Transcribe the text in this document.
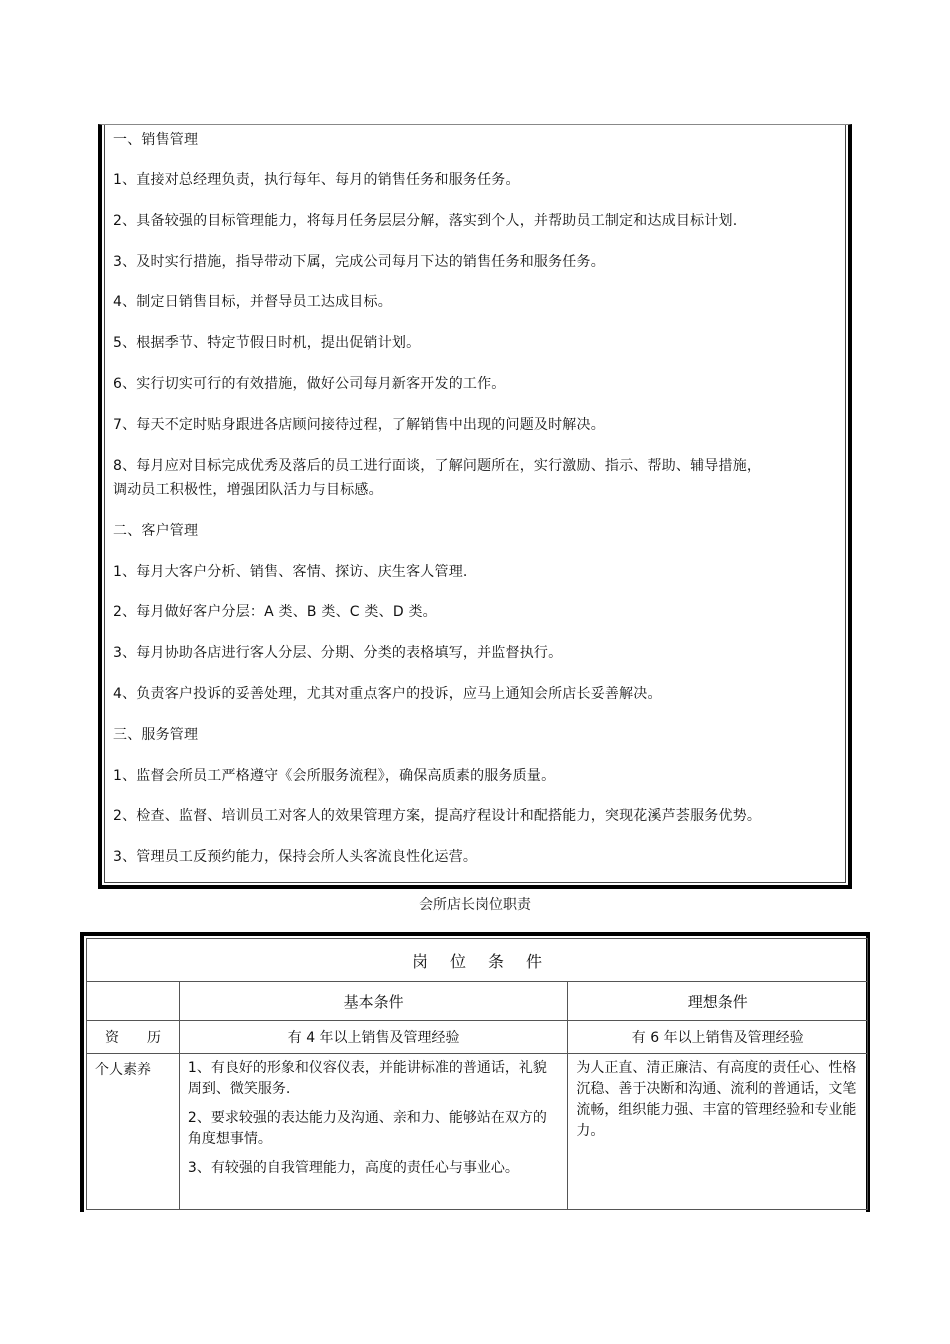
一、销售管理
1、直接对总经理负责，执行每年、每月的销售任务和服务任务。
2、具备较强的目标管理能力，将每月任务层层分解，落实到个人，并帮助员工制定和达成目标计划.
3、及时实行措施，指导带动下属，完成公司每月下达的销售任务和服务任务。
4、制定日销售目标，并督导员工达成目标。
5、根据季节、特定节假日时机，提出促销计划。
6、实行切实可行的有效措施，做好公司每月新客开发的工作。
7、每天不定时贴身跟进各店顾问接待过程，了解销售中出现的问题及时解决。
8、每月应对目标完成优秀及落后的员工进行面谈，了解问题所在，实行激励、指示、帮助、辅导措施，
调动员工积极性，增强团队活力与目标感。
二、客户管理
1、每月大客户分析、销售、客情、探访、庆生客人管理.
2、每月做好客户分层：A 类、B 类、C 类、D 类。
3、每月协助各店进行客人分层、分期、分类的表格填写，并监督执行。
4、负责客户投诉的妥善处理，尤其对重点客户的投诉，应马上通知会所店长妥善解决。
三、服务管理
1、监督会所员工严格遵守《会所服务流程》，确保高质素的服务质量。
2、检查、监督、培训员工对客人的效果管理方案，提高疗程设计和配搭能力，突现花溪芦荟服务优势。
3、管理员工反预约能力，保持会所人头客流良性化运营。
会所店长岗位职责
岗位条件		
	基本条件	理想条件
资　　历	有 4 年以上销售及管理经验	有 6 年以上销售及管理经验
个人素养	1、有良好的形象和仪容仪表，并能讲标准的普通话，礼貌周到、微笑服务.

2、要求较强的表达能力及沟通、亲和力、能够站在双方的角度想事情。

3、有较强的自我管理能力，高度的责任心与事业心。	为人正直、清正廉洁、有高度的责任心、性格沉稳、善于决断和沟通、流利的普通话，文笔流畅，组织能力强、丰富的管理经验和专业能力。
